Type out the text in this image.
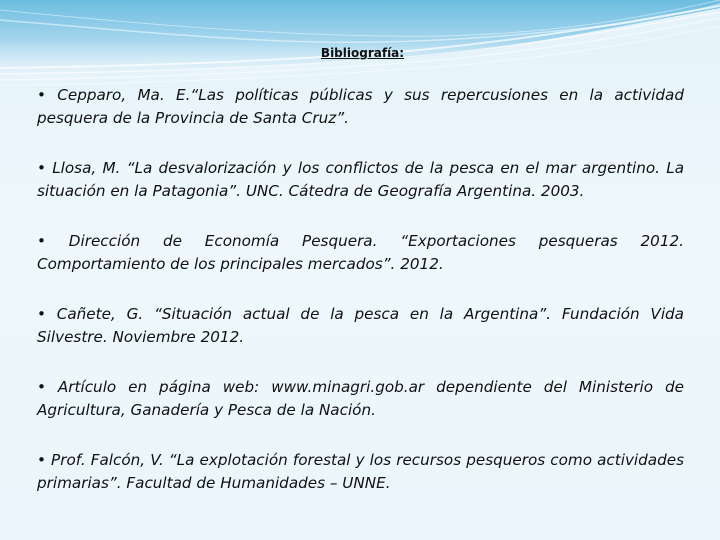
Bibliografía:
• Cepparo, Ma. E.“Las políticas públicas y sus repercusiones en la actividad pesquera de la Provincia de Santa Cruz”.
• Llosa, M. “La desvalorización y los conflictos de la pesca en el mar argentino. La situación en la Patagonia”. UNC. Cátedra de Geografía Argentina. 2003.
• Dirección de Economía Pesquera. “Exportaciones pesqueras 2012. Comportamiento de los principales mercados”. 2012.
• Cañete, G. “Situación actual de la pesca en la Argentina”. Fundación Vida Silvestre. Noviembre 2012.
• Artículo en página web: www.minagri.gob.ar dependiente del Ministerio de Agricultura, Ganadería y Pesca de la Nación.
• Prof. Falcón, V. “La explotación forestal y los recursos pesqueros como actividades primarias”. Facultad de Humanidades – UNNE.
